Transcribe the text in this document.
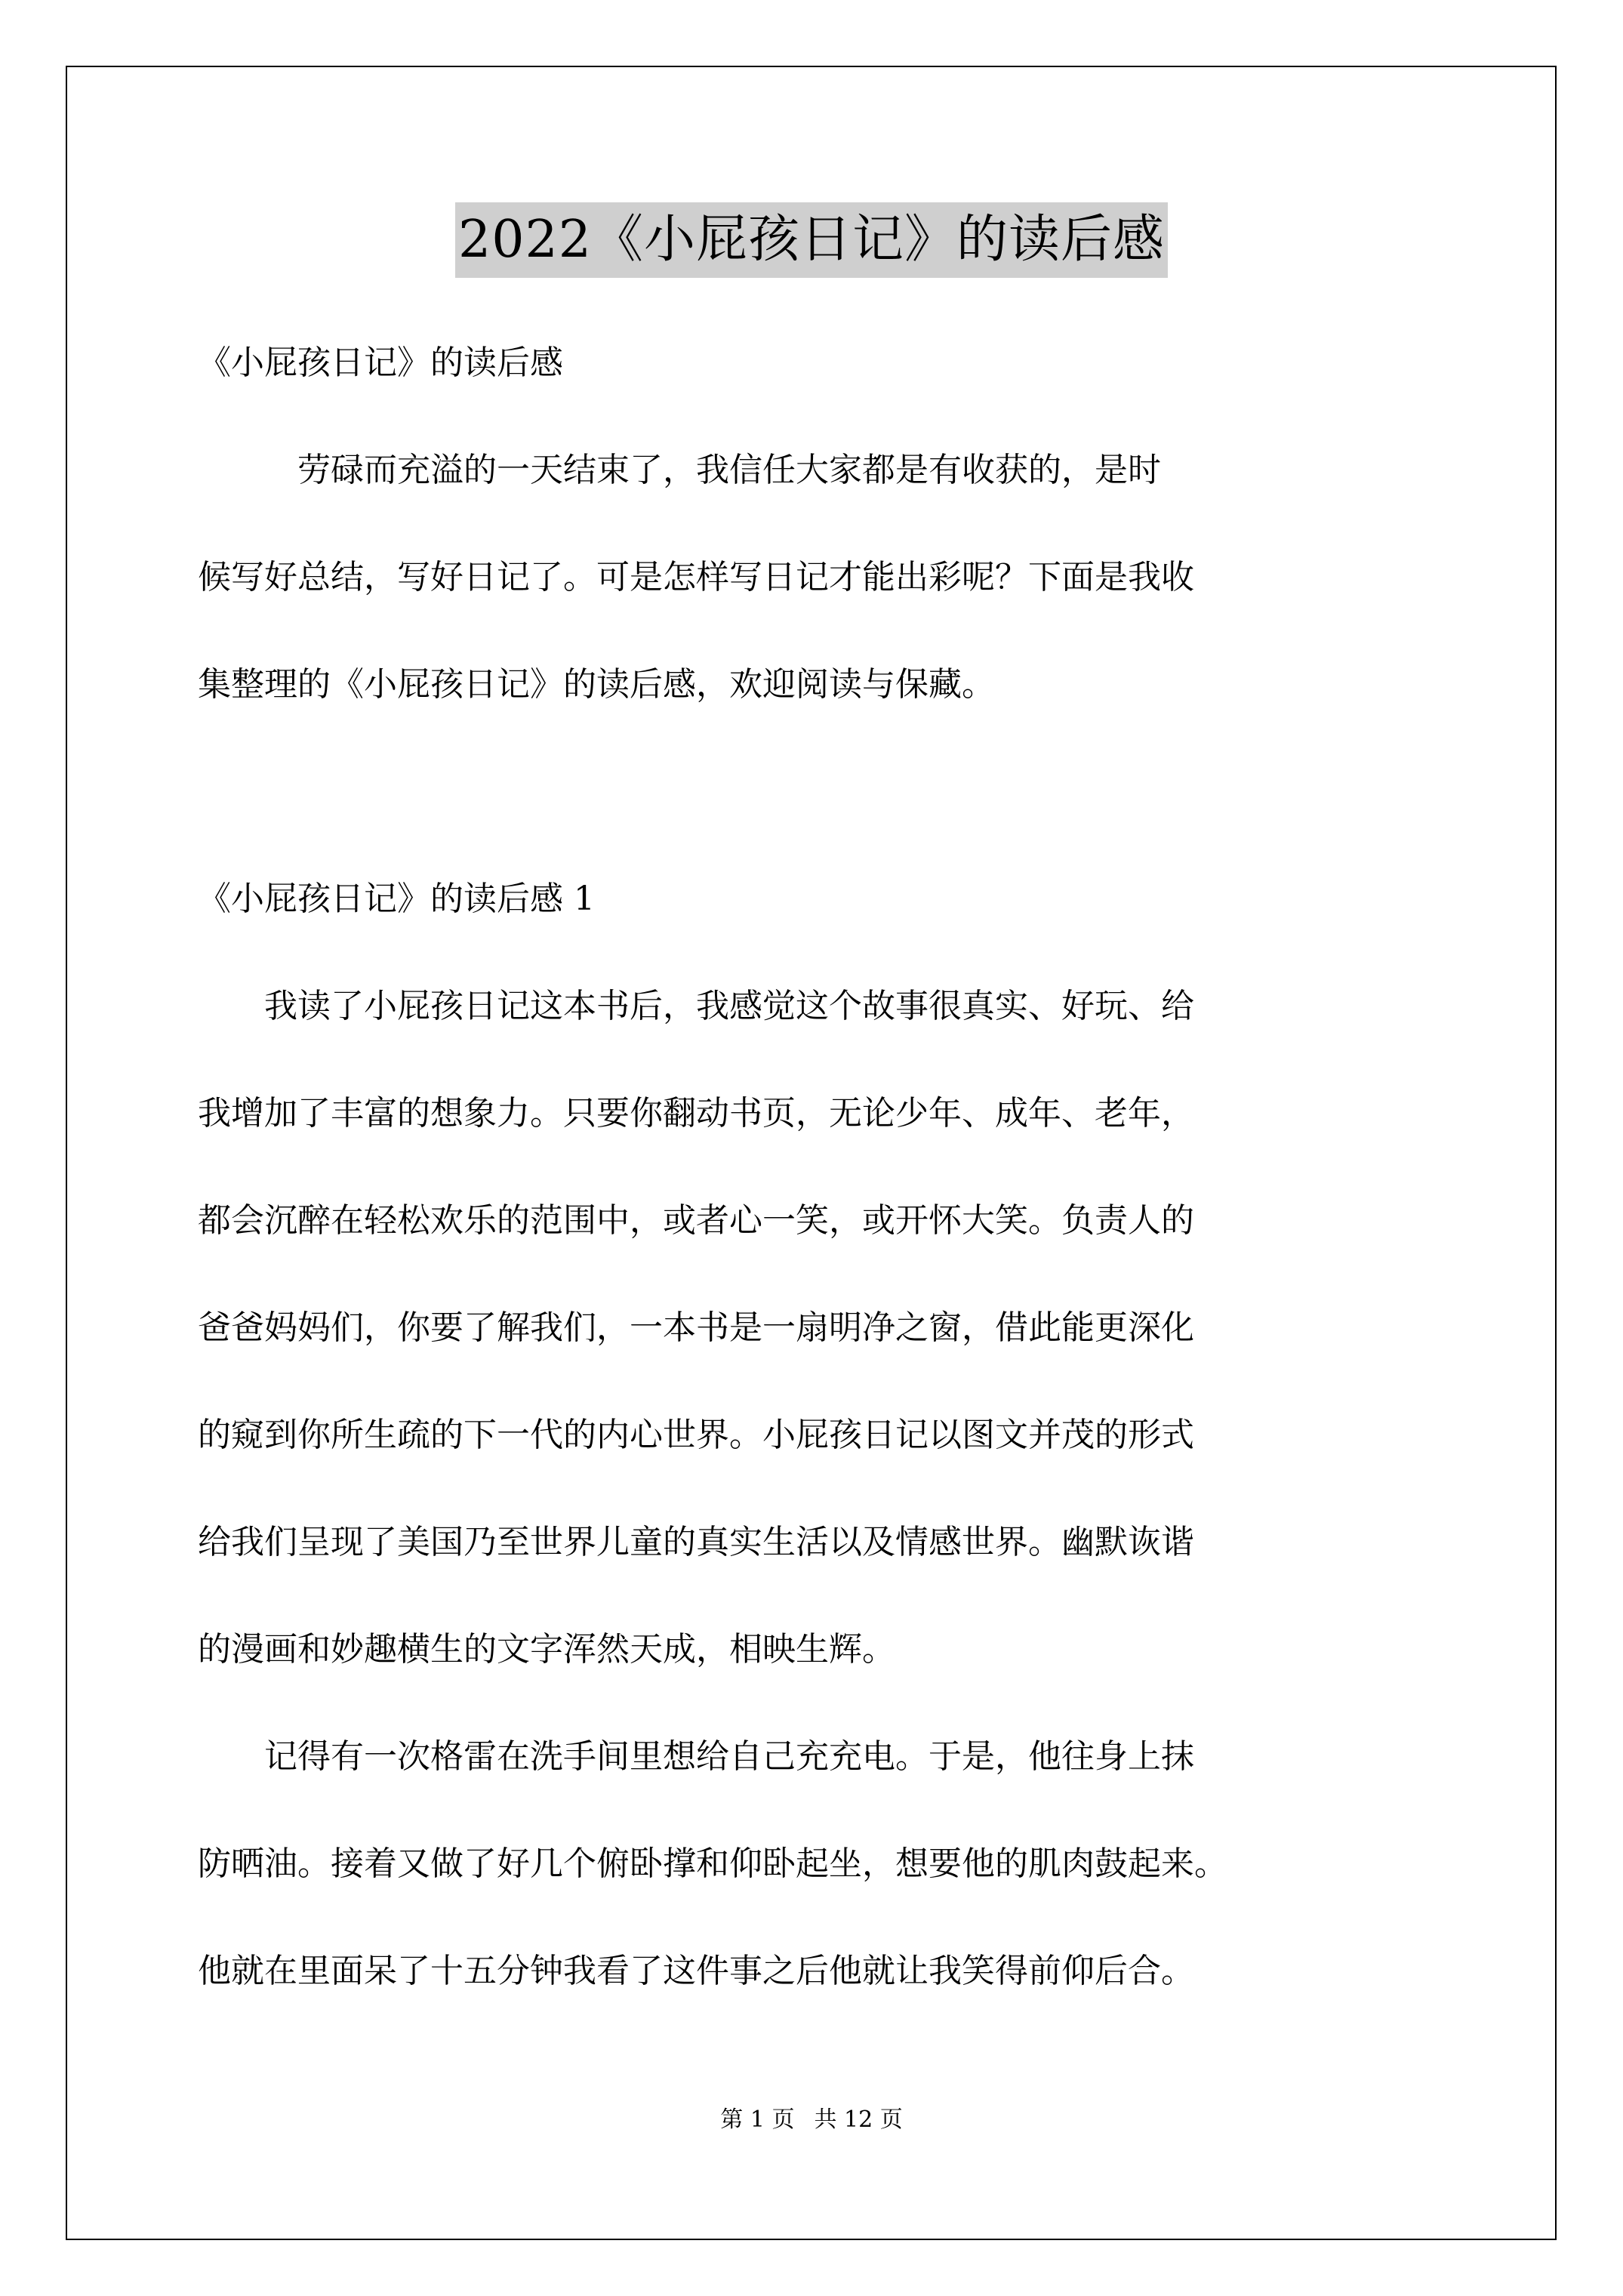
2022《小屁孩日记》的读后感
《小屁孩日记》的读后感
　　　劳碌而充溢的一天结束了，我信任大家都是有收获的，是时
候写好总结，写好日记了。可是怎样写日记才能出彩呢？下面是我收
集整理的《小屁孩日记》的读后感，欢迎阅读与保藏。
《小屁孩日记》的读后感 1
　　我读了小屁孩日记这本书后，我感觉这个故事很真实、好玩、给
我增加了丰富的想象力。只要你翻动书页，无论少年、成年、老年，
都会沉醉在轻松欢乐的范围中，或者心一笑，或开怀大笑。负责人的
爸爸妈妈们，你要了解我们，一本书是一扇明净之窗，借此能更深化
的窥到你所生疏的下一代的内心世界。小屁孩日记以图文并茂的形式
给我们呈现了美国乃至世界儿童的真实生活以及情感世界。幽默诙谐
的漫画和妙趣横生的文字浑然天成，相映生辉。
　　记得有一次格雷在洗手间里想给自己充充电。于是，他往身上抹
防晒油。接着又做了好几个俯卧撑和仰卧起坐，想要他的肌肉鼓起来。
他就在里面呆了十五分钟我看了这件事之后他就让我笑得前仰后合。
第 1 页 共 12 页
